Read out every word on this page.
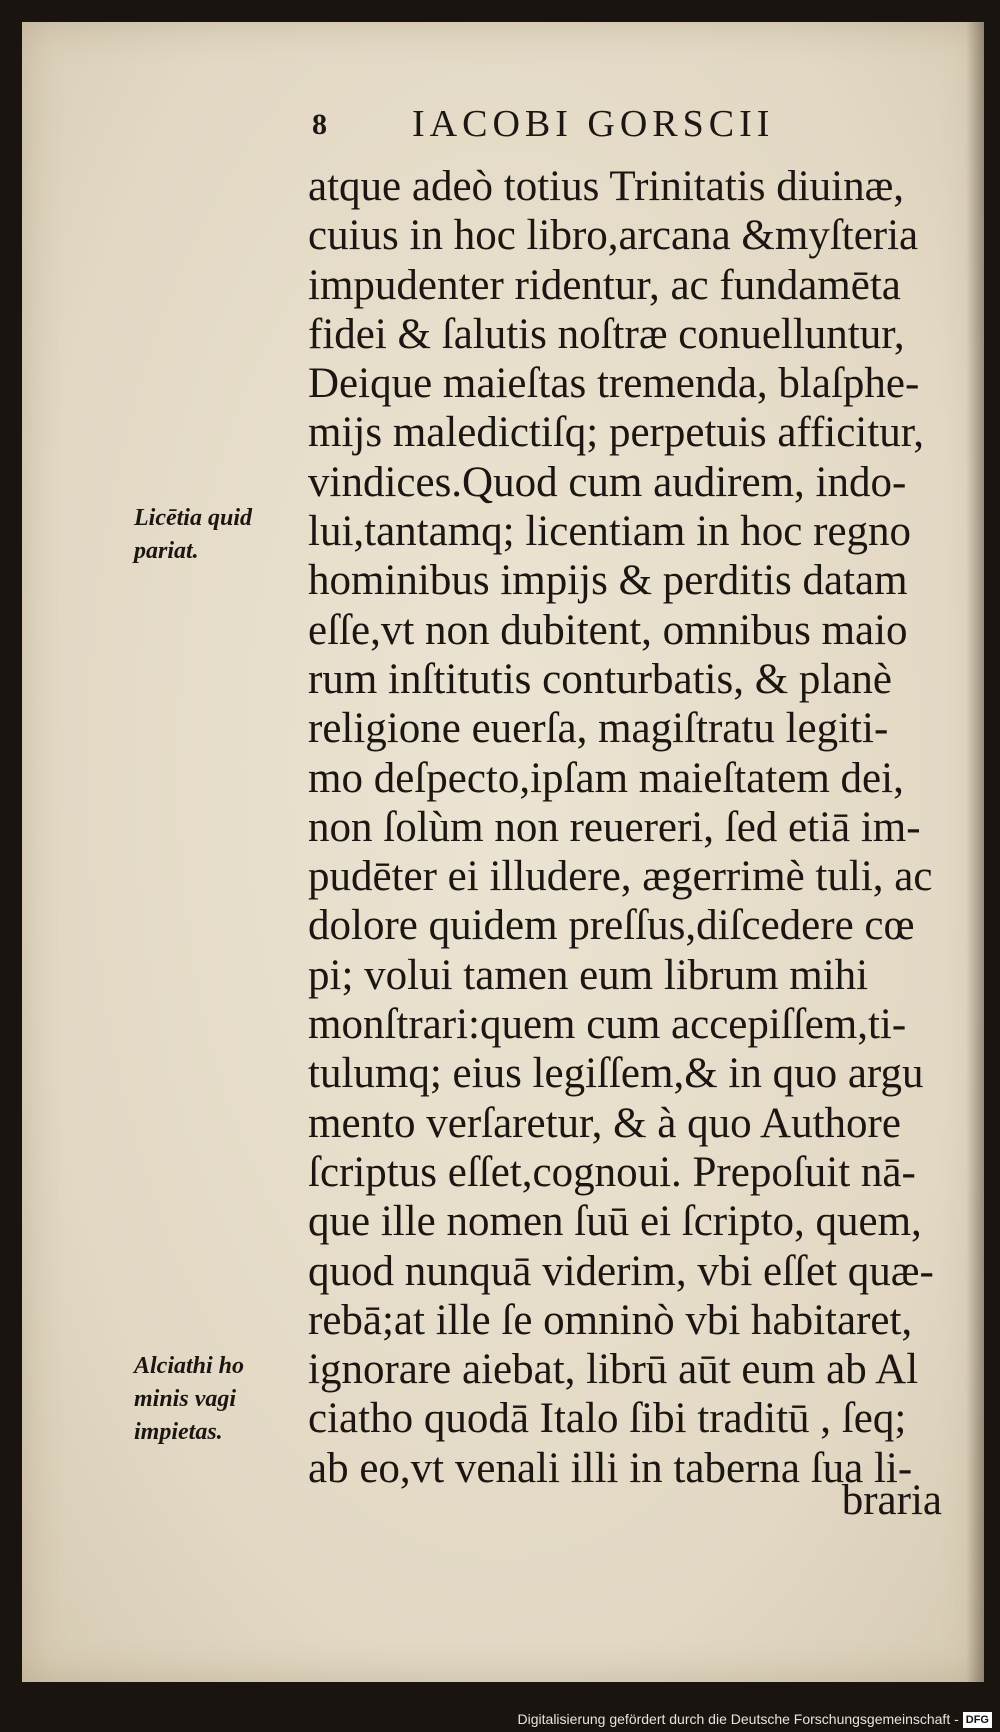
8 IACOBI GORSCII
atque adeò totius Trinitatis diuinæ,
cuius in hoc libro,arcana &myſteria
impudenter ridentur, ac fundamēta
fidei & ſalutis noſtræ conuelluntur,
Deique maieſtas tremenda, blaſphe-
mijs maledictiſq; perpetuis afficitur,
vindices.Quod cum audirem, indo-
lui,tantamq; licentiam in hoc regno
hominibus impijs & perditis datam
eſſe,vt non dubitent, omnibus maio
rum inſtitutis conturbatis, & planè
religione euerſa, magiſtratu legiti-
mo deſpecto,ipſam maieſtatem dei,
non ſolùm non reuereri, ſed etiā im-
pudēter ei illudere, ægerrimè tuli, ac
dolore quidem preſſus,diſcedere cœ
pi; volui tamen eum librum mihi
monſtrari:quem cum accepiſſem,ti-
tulumq; eius legiſſem,& in quo argu
mento verſaretur, & à quo Authore
ſcriptus eſſet,cognoui. Prepoſuit nā-
que ille nomen ſuū ei ſcripto, quem,
quod nunquā viderim, vbi eſſet quæ-
rebā;at ille ſe omninò vbi habitaret,
ignorare aiebat, librū aūt eum ab Al
ciatho quodā Italo ſibi traditū , ſeq;
ab eo,vt venali illi in taberna ſua li-
braria
Licētia quid
pariat.
Alciathi ho
minis vagi
impietas.
Digitalisierung gefördert durch die Deutsche Forschungsgemeinschaft - DFG
